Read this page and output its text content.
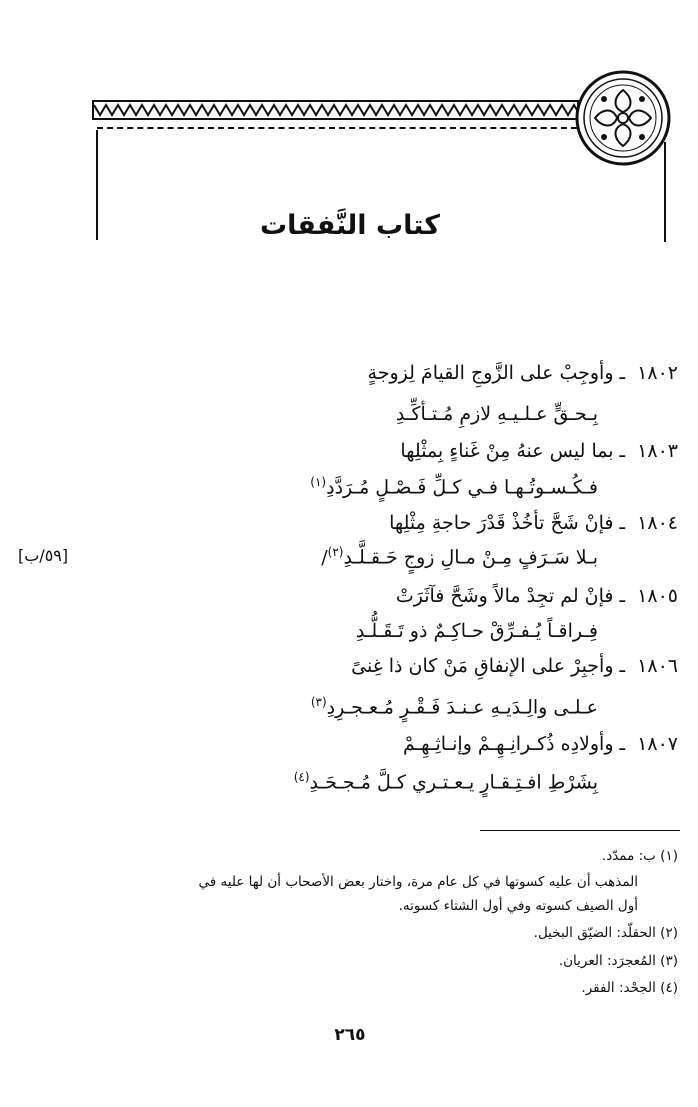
كتاب النَّفقات
١٨٠٢ ـ وأوجِبْ على الزَّوجِ القيامَ لِزوجةٍ
بِـحـقٍّ عـلـيـهِ لازمِ مُـتـأكِّـدِ
١٨٠٣ ـ بما ليس عنهُ مِنْ غَناءٍ بِمثْلِها
فـكُـسـوتُـهـا فـي كـلِّ فَـصْـلٍ مُـرَدَّدِ$^{(١)}$
١٨٠٤ ـ فإنْ شَحَّ تأخُذْ قَدْرَ حاجةِ مِثْلِها
بـلا سَـرَفٍ مِـنْ مـالِ زوجٍ حَـقـلَّـدِ$^{(٢)}$/
[٥٩/ب]
١٨٠٥ ـ فإنْ لم تجِدْ مالاً وشَحَّ فآثَرَتْ
فِـراقـاً يُـفـرِّقْ حـاكِـمٌ ذو تَـقَـلُّـدِ
١٨٠٦ ـ وأجبِرْ على الإنفاقِ مَنْ كان ذا غِنىً
عـلـى والِـدَيـهِ عـنـدَ فَـقْـرٍ مُـعـجـرِدِ$^{(٣)}$
١٨٠٧ ـ وأولادِه ذُكـرانِـهِـمْ وإنـاثِـهِـمْ
بِشَرْطِ افـتِـقـارٍ يـعـتـري كـلَّ مُـجـحَـدِ$^{(٤)}$
(١) ب: ممدّد.
المذهب أن عليه كسوتها في كل عام مرة، واختار بعض الأصحاب أن لها عليه في
أول الصيف كسوته وفي أول الشتاء كسوته.
(٢) الحقلّد: الضيّق البخيل.
(٣) المُعجرَد: العريان.
(٤) الجحْد: الفقر.
٢٦٥
